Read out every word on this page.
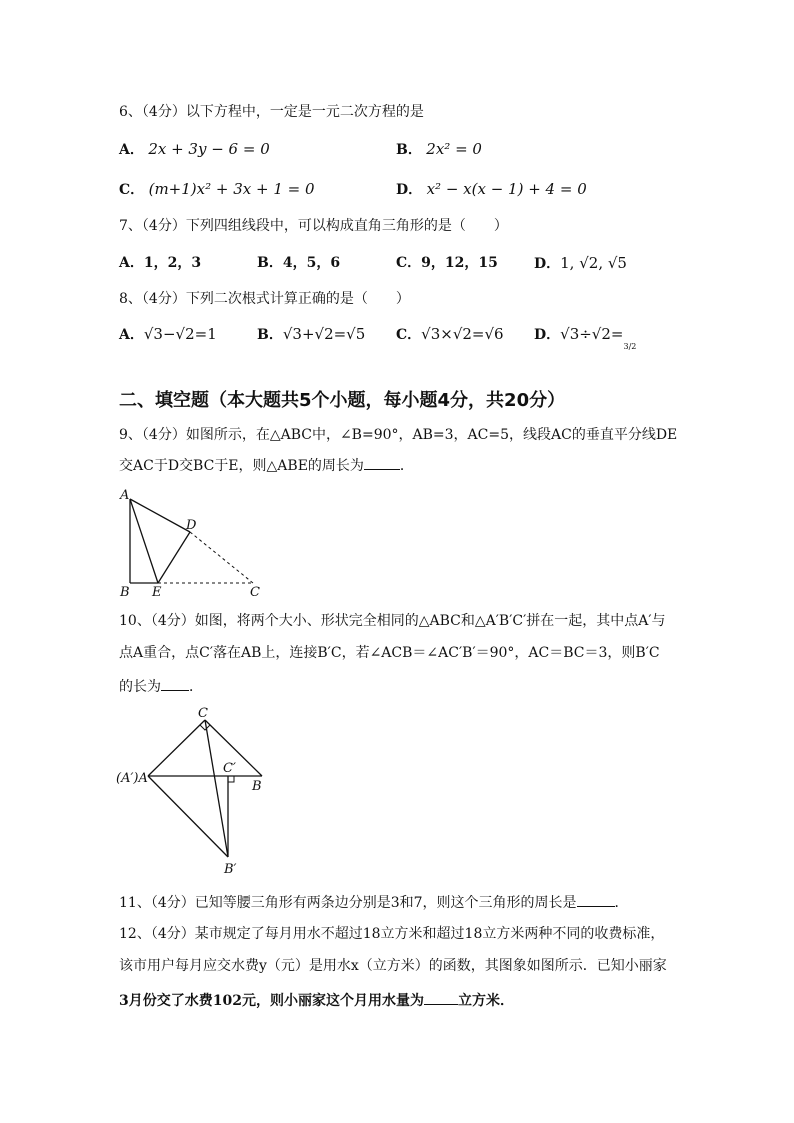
6、（4分）以下方程中，一定是一元二次方程的是
A． 2x + 3y − 6 = 0	B． 2x² = 0
C． (m+1)x² + 3x + 1 = 0	D． x² − x(x − 1) + 4 = 0
7、（4分）下列四组线段中，可以构成直角三角形的是（　　）
A．1，2，3	B．4，5，6	C．9，12，15	D．1, √2, √5
8、（4分）下列二次根式计算正确的是（　　）
A．√3−√2=1	B．√3+√2=√5 C．√3×√2=√6 D．$√3\div√2=_{3/2}$
二、填空题（本大题共5个小题，每小题4分，共20分）
9、（4分）如图所示，在△ABC中，∠B=90°，AB=3，AC=5，线段AC的垂直平分线DE
交AC于D交BC于E，则△ABE的周长为	．
A
B E
D
C
10、（4分）如图，将两个大小、形状完全相同的△ABC和△A′B′C′拼在一起，其中点A′与
点A重合，点C′落在AB上，连接B′C，若∠ACB＝∠AC′B′＝90°，AC＝BC＝3，则B′C
的长为 ．
C
(A′)A
C′
B
B′
11、（4分）已知等腰三角形有两条边分别是3和7，则这个三角形的周长是	．
12、（4分）某市规定了每月用水不超过18立方米和超过18立方米两种不同的收费标准，
该市用户每月应交水费y（元）是用水x（立方米）的函数，其图象如图所示．已知小丽家
3月份交了水费102元，则小丽家这个月用水量为 立方米．
